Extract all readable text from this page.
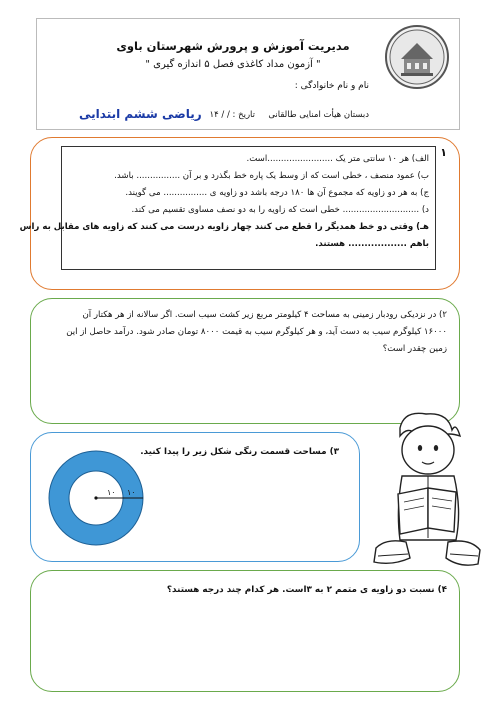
مدیریت آموزش و پرورش شهرستان باوی
" آزمون مداد کاغذی فصل ۵ اندازه گیری "
نام و نام خانوادگی :
دبستان هیأت امنایی طالقانی
تاریخ : / / ۱۴
ریاضی ششم ابتدایی
۱
الف) هر ۱۰ سانتی متر یک ........................است.
ب) عمود منصف ، خطی است که از وسط یک پاره خط بگذرد و بر آن ................ باشد.
ج) به هر دو زاویه که مجموع آن ها ۱۸۰ درجه باشد دو زاویه ی ................ می گویند.
د) ............................ خطی است که زاویه را به دو نصف مساوی تقسیم می کند.
هـ) وقتی دو خط همدیگر را قطع می کنند چهار زاویه درست می کنند که زاویه های مقابل به راس
باهم .................. هستند.
۲) در نزدیکی رودبار زمینی به مساحت ۴ کیلومتر مربع زیر کشت سیب است. اگر سالانه از هر هکتار آن
۱۶۰۰۰ کیلوگرم سیب به دست آید، و هر کیلوگرم سیب به قیمت ۸۰۰۰ تومان صادر شود. درآمد حاصل از این
زمین چقدر است؟
۳) مساحت قسمت رنگی شکل زیر را پیدا کنید.
۱۰ ۱۰
۴) نسبت دو زاویه ی متمم ۲ به ۳است. هر کدام چند درجه هستند؟
